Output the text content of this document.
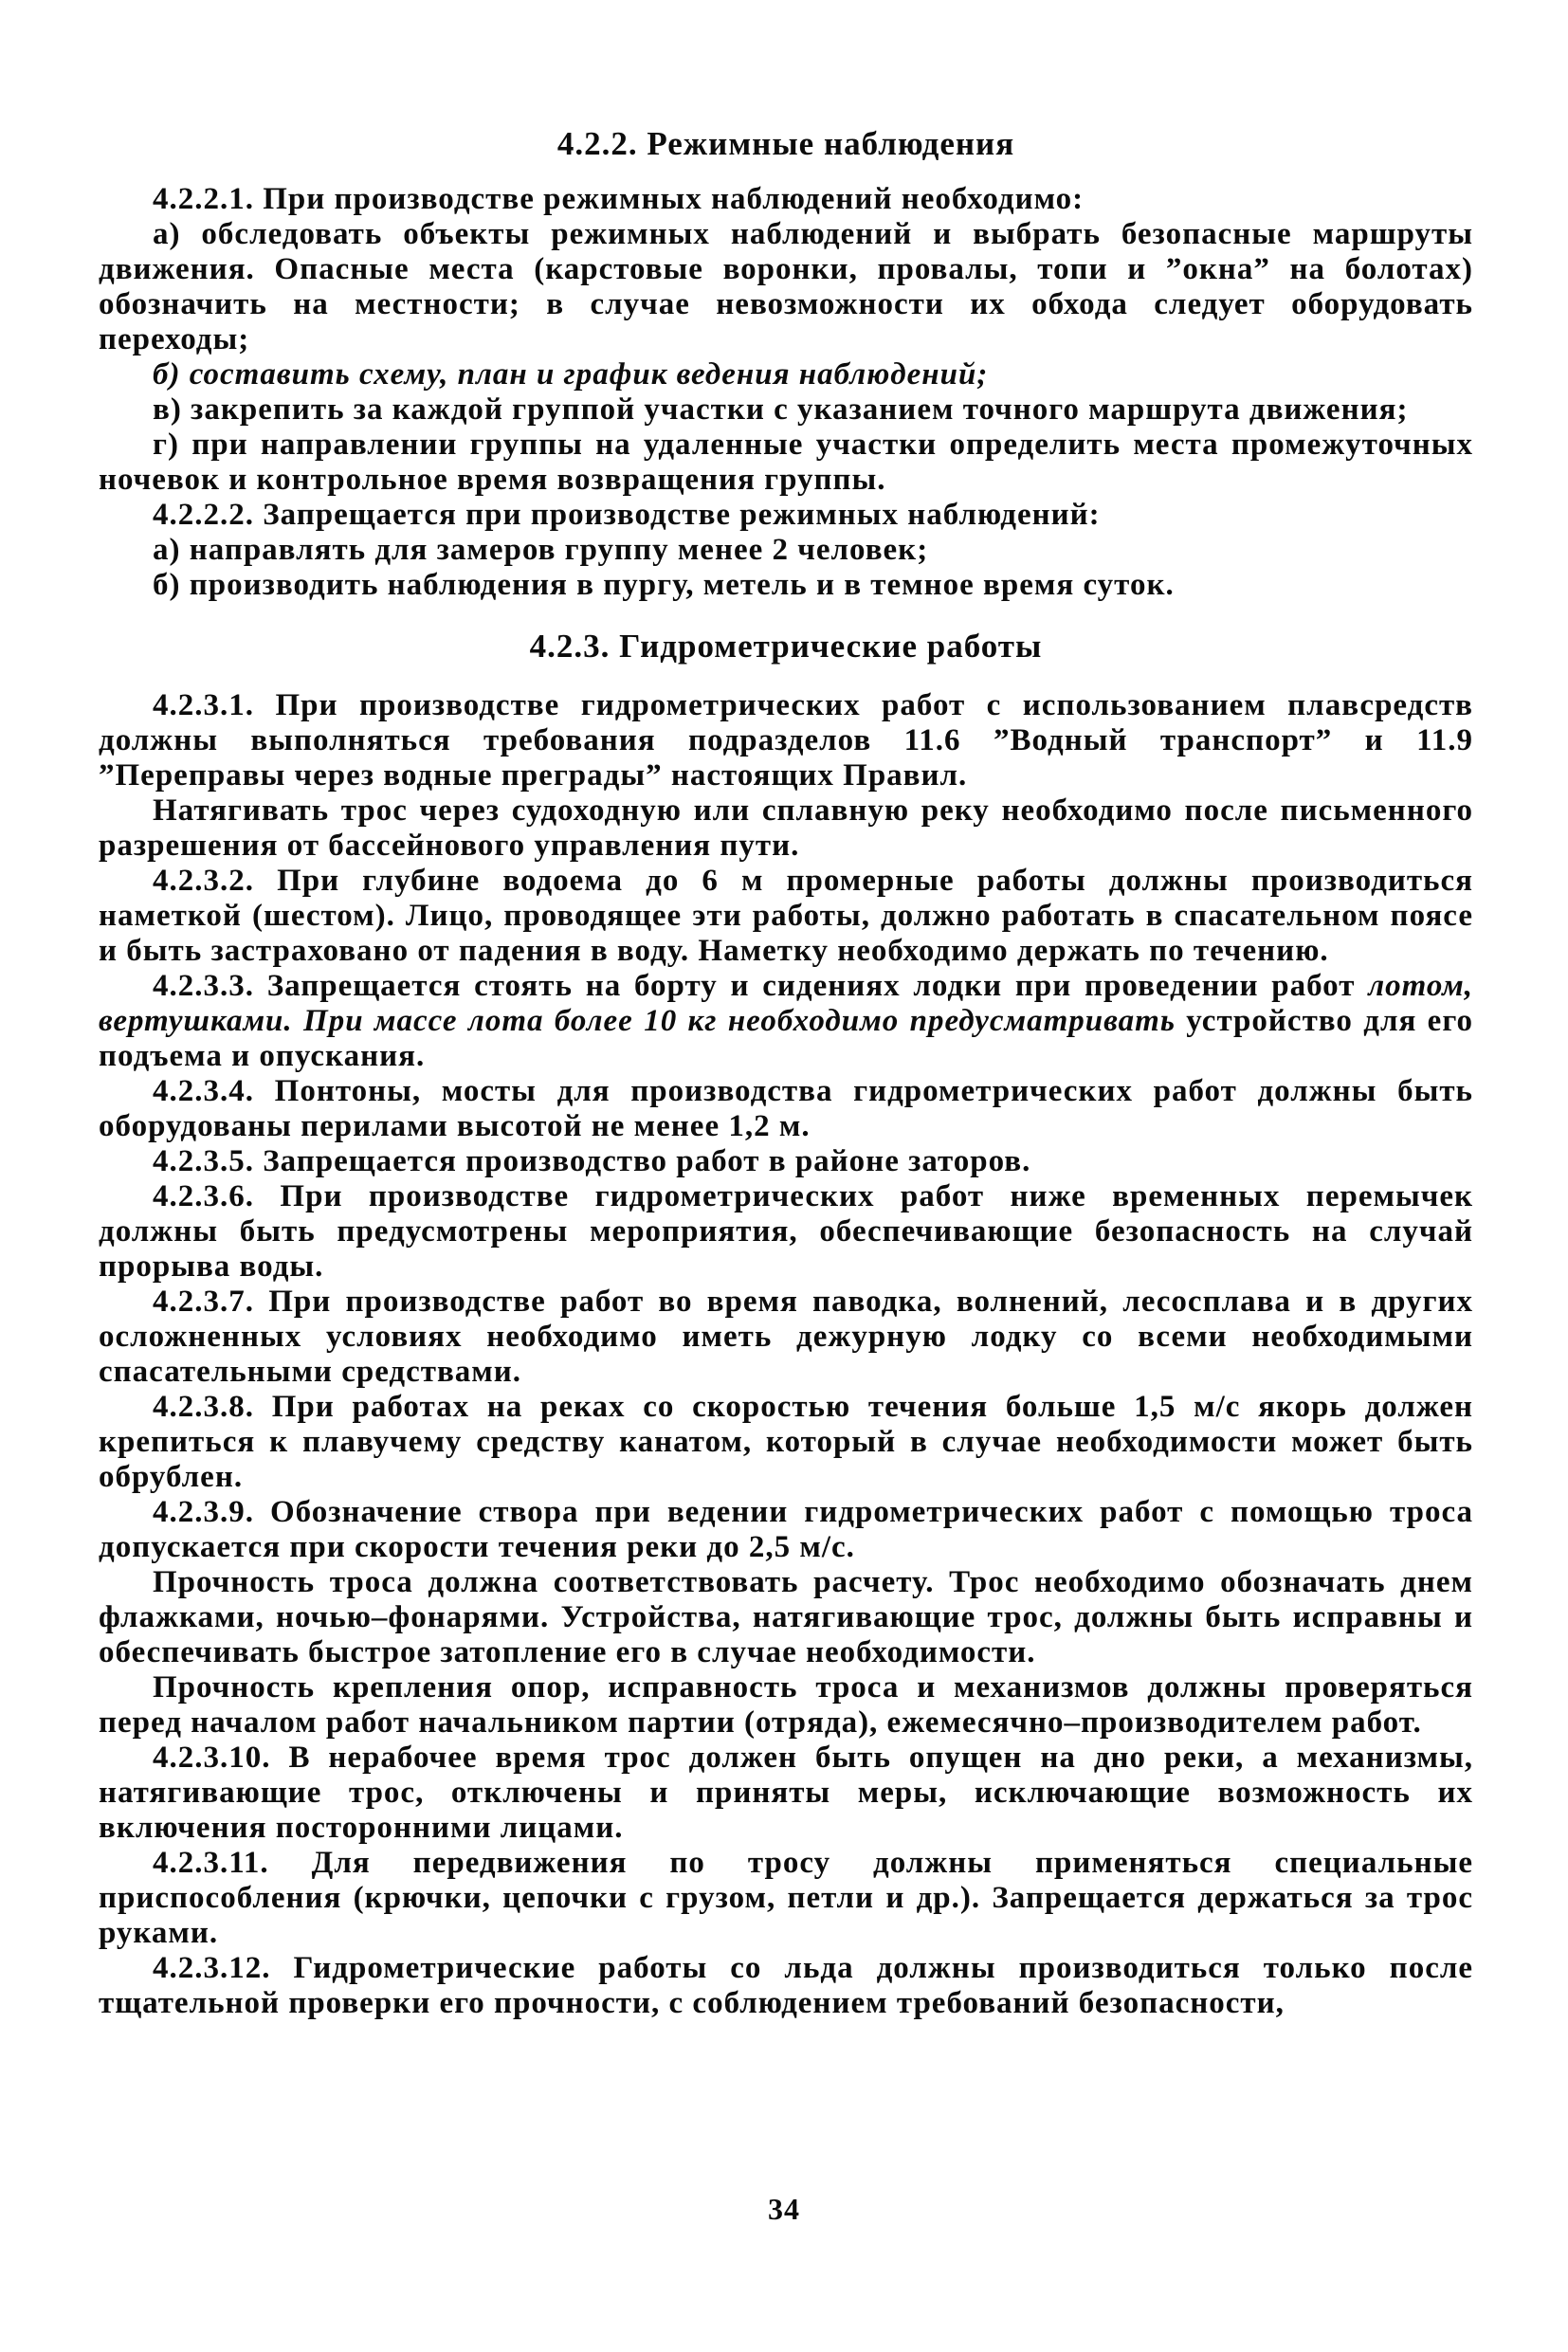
4.2.2. Режимные наблюдения

4.2.2.1. При производстве режимных наблюдений необходимо:

а) обследовать объекты режимных наблюдений и выбрать безопасные маршруты движения. Опасные места (карстовые воронки, провалы, топи и ”окна” на болотах) обозначить на местности; в случае невозможности их обхода следует оборудовать переходы;

б) составить схему, план и график ведения наблюдений;

в) закрепить за каждой группой участки с указанием точного маршрута движения;

г) при направлении группы на удаленные участки определить места промежуточных ночевок и контрольное время возвращения группы.

4.2.2.2. Запрещается при производстве режимных наблюдений:

а) направлять для замеров группу менее 2 человек;

б) производить наблюдения в пургу, метель и в темное время суток.

4.2.3. Гидрометрические работы

4.2.3.1. При производстве гидрометрических работ с использованием плавсредств должны выполняться требования подразделов 11.6 ”Водный транспорт” и 11.9 ”Переправы через водные преграды” настоящих Правил.

Натягивать трос через судоходную или сплавную реку необходимо после письменного разрешения от бассейнового управления пути.

4.2.3.2. При глубине водоема до 6 м промерные работы должны производиться наметкой (шестом). Лицо, проводящее эти работы, должно работать в спасательном поясе и быть застраховано от падения в воду. Наметку необходимо держать по течению.

4.2.3.3. Запрещается стоять на борту и сидениях лодки при проведении работ лотом, вертушками. При массе лота более 10 кг необходимо предусматривать устройство для его подъема и опускания.

4.2.3.4. Понтоны, мосты для производства гидрометрических работ должны быть оборудованы перилами высотой не менее 1,2 м.

4.2.3.5. Запрещается производство работ в районе заторов.

4.2.3.6. При производстве гидрометрических работ ниже временных перемычек должны быть предусмотрены мероприятия, обеспечивающие безопасность на случай прорыва воды.

4.2.3.7. При производстве работ во время паводка, волнений, лесосплава и в других осложненных условиях необходимо иметь дежурную лодку со всеми необходимыми спасательными средствами.

4.2.3.8. При работах на реках со скоростью течения больше 1,5 м/с якорь должен крепиться к плавучему средству канатом, который в случае необходимости может быть обрублен.

4.2.3.9. Обозначение створа при ведении гидрометрических работ с помощью троса допускается при скорости течения реки до 2,5 м/с.

Прочность троса должна соответствовать расчету. Трос необходимо обозначать днем флажками, ночью–фонарями. Устройства, натягивающие трос, должны быть исправны и обеспечивать быстрое затопление его в случае необходимости.

Прочность крепления опор, исправность троса и механизмов должны проверяться перед началом работ начальником партии (отряда), ежемесячно–производителем работ.

4.2.3.10. В нерабочее время трос должен быть опущен на дно реки, а механизмы, натягивающие трос, отключены и приняты меры, исключающие возможность их включения посторонними лицами.

4.2.3.11. Для передвижения по тросу должны применяться специальные приспособления (крючки, цепочки с грузом, петли и др.). Запрещается держаться за трос руками.

4.2.3.12. Гидрометрические работы со льда должны производиться только после тщательной проверки его прочности, с соблюдением требований безопасности,

34
